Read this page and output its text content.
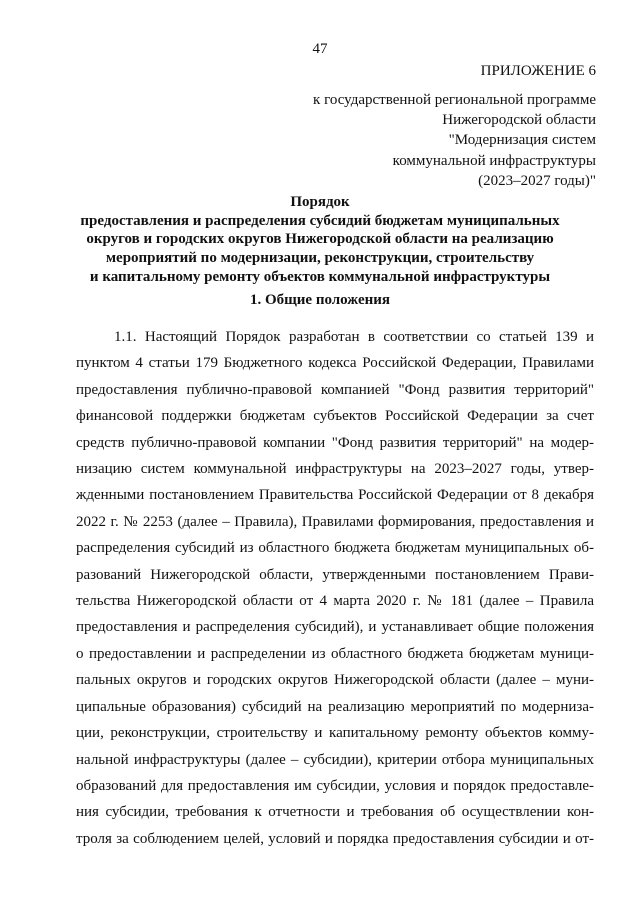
47
ПРИЛОЖЕНИЕ 6
к государственной региональной программе
Нижегородской области
"Модернизация систем
коммунальной инфраструктуры
(2023–2027 годы)"
Порядок
предоставления и распределения субсидий бюджетам муниципальных
округов и городских округов Нижегородской области на реализацию
мероприятий по модернизации, реконструкции, строительству
и капитальному ремонту объектов коммунальной инфраструктуры
1. Общие положения
1.1. Настоящий Порядок разработан в соответствии со статьей 139 и
пунктом 4 статьи 179 Бюджетного кодекса Российской Федерации, Правилами
предоставления публично-правовой компанией "Фонд развития территорий"
финансовой поддержки бюджетам субъектов Российской Федерации за счет
средств публично-правовой компании "Фонд развития территорий" на модер-
низацию систем коммунальной инфраструктуры на 2023–2027 годы, утвер-
жденными постановлением Правительства Российской Федерации от 8 декабря
2022 г. № 2253 (далее – Правила), Правилами формирования, предоставления и
распределения субсидий из областного бюджета бюджетам муниципальных об-
разований Нижегородской области, утвержденными постановлением Прави-
тельства Нижегородской области от 4 марта 2020 г. № 181 (далее – Правила
предоставления и распределения субсидий), и устанавливает общие положения
о предоставлении и распределении из областного бюджета бюджетам муници-
пальных округов и городских округов Нижегородской области (далее – муни-
ципальные образования) субсидий на реализацию мероприятий по модерниза-
ции, реконструкции, строительству и капитальному ремонту объектов комму-
нальной инфраструктуры (далее – субсидии), критерии отбора муниципальных
образований для предоставления им субсидии, условия и порядок предоставле-
ния субсидии, требования к отчетности и требования об осуществлении кон-
троля за соблюдением целей, условий и порядка предоставления субсидии и от-
